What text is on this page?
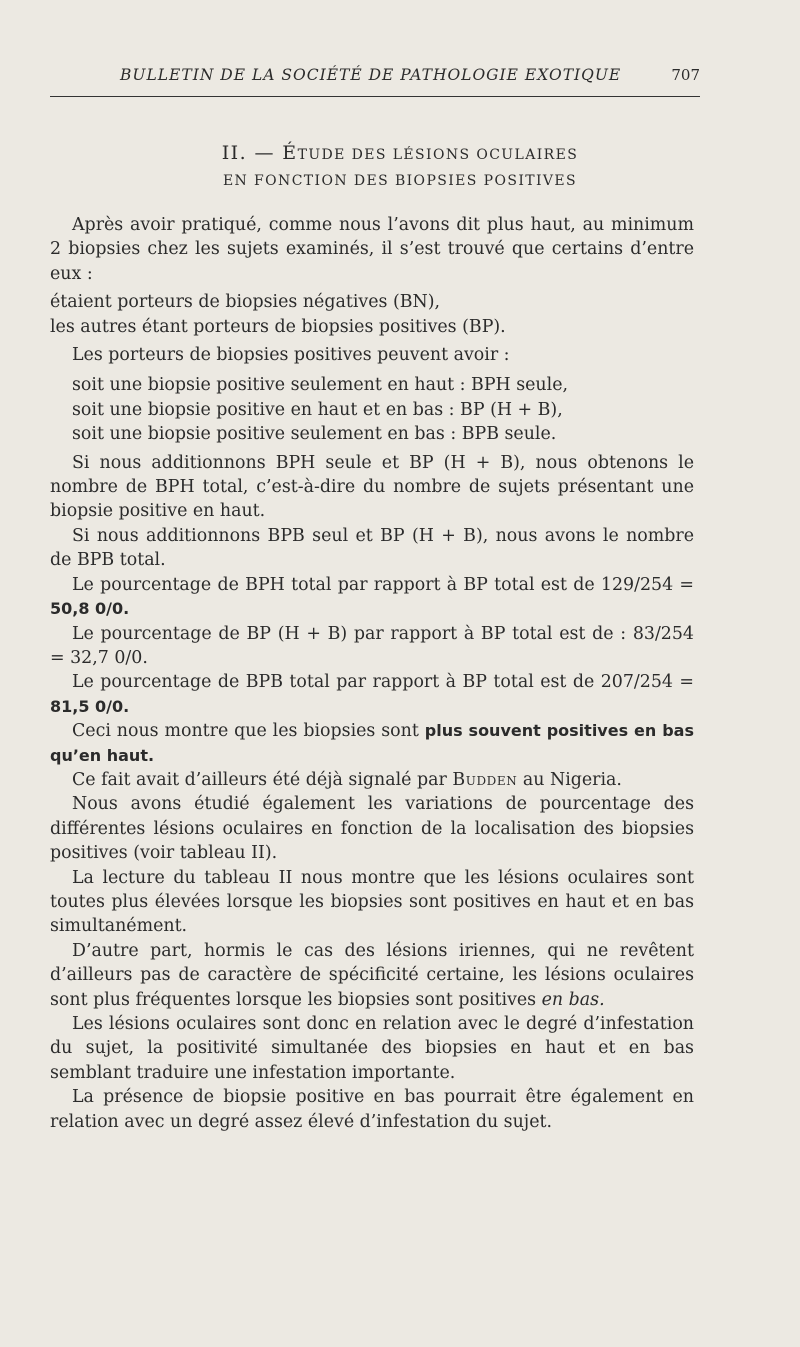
BULLETIN DE LA SOCIÉTÉ DE PATHOLOGIE EXOTIQUE	707
II. — ÉTUDE DES LÉSIONS OCULAIRES
EN FONCTION DES BIOPSIES POSITIVES

Après avoir pratiqué, comme nous l’avons dit plus haut, au minimum 2 biopsies chez les sujets examinés, il s’est trouvé que certains d’entre eux :

étaient porteurs de biopsies négatives (BN),

les autres étant porteurs de biopsies positives (BP).

Les porteurs de biopsies positives peuvent avoir :

soit une biopsie positive seulement en haut : BPH seule,

soit une biopsie positive en haut et en bas : BP (H + B),

soit une biopsie positive seulement en bas : BPB seule.

Si nous additionnons BPH seule et BP (H + B), nous obtenons le nombre de BPH total, c’est-à-dire du nombre de sujets présentant une biopsie positive en haut.

Si nous additionnons BPB seul et BP (H + B), nous avons le nombre de BPB total.

Le pourcentage de BPH total par rapport à BP total est de 129/254 = 50,8 0/0.

Le pourcentage de BP (H + B) par rapport à BP total est de : 83/254 = 32,7 0/0.

Le pourcentage de BPB total par rapport à BP total est de 207/254 = 81,5 0/0.

Ceci nous montre que les biopsies sont plus souvent positives en bas qu’en haut.

Ce fait avait d’ailleurs été déjà signalé par Budden au Nigeria.

Nous avons étudié également les variations de pourcentage des différentes lésions oculaires en fonction de la localisation des biopsies positives (voir tableau II).

La lecture du tableau II nous montre que les lésions oculaires sont toutes plus élevées lorsque les biopsies sont positives en haut et en bas simultanément.

D’autre part, hormis le cas des lésions iriennes, qui ne revêtent d’ailleurs pas de caractère de spécificité certaine, les lésions oculaires sont plus fréquentes lorsque les biopsies sont positives en bas.

Les lésions oculaires sont donc en relation avec le degré d’infestation du sujet, la positivité simultanée des biopsies en haut et en bas semblant traduire une infestation importante.

La présence de biopsie positive en bas pourrait être également en relation avec un degré assez élevé d’infestation du sujet.
